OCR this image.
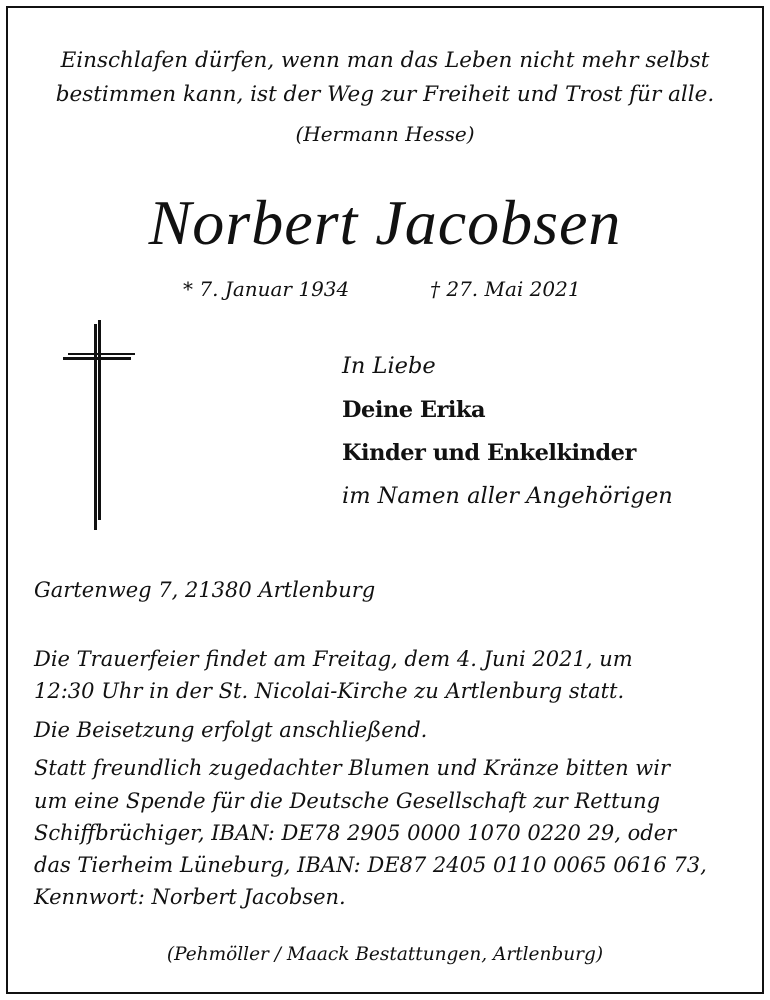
Einschlafen dürfen, wenn man das Leben nicht mehr selbst
bestimmen kann, ist der Weg zur Freiheit und Trost für alle.
(Hermann Hesse)
Norbert Jacobsen
* 7. Januar 1934	† 27. Mai 2021
In Liebe
Deine Erika
Kinder und Enkelkinder
im Namen aller Angehörigen
Gartenweg 7, 21380 Artlenburg
Die Trauerfeier findet am Freitag, dem 4. Juni 2021, um
12:30 Uhr in der St. Nicolai-Kirche zu Artlenburg statt.
Die Beisetzung erfolgt anschließend.
Statt freundlich zugedachter Blumen und Kränze bitten wir
um eine Spende für die Deutsche Gesellschaft zur Rettung
Schiffbrüchiger, IBAN: DE78 2905 0000 1070 0220 29, oder
das Tierheim Lüneburg, IBAN: DE87 2405 0110 0065 0616 73,
Kennwort: Norbert Jacobsen.
(Pehmöller / Maack Bestattungen, Artlenburg)
